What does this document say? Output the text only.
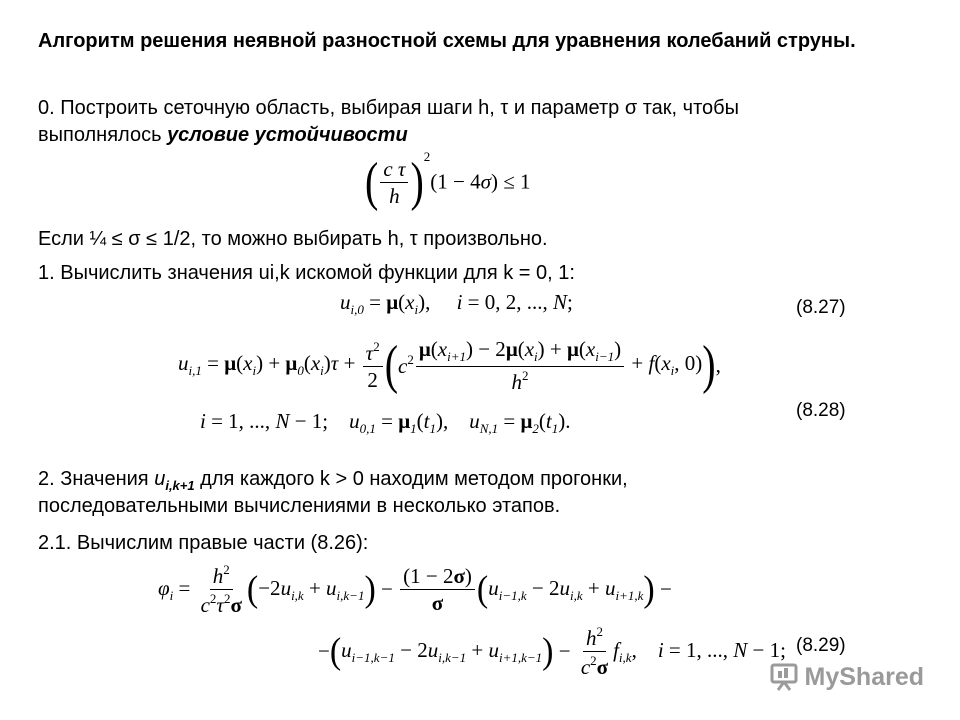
Алгоритм решения неявной разностной схемы для уравнения колебаний струны.
0. Построить сеточную область, выбирая шаги h, τ и параметр σ так, чтобы
выполнялось условие устойчивости
( $\frac{\text{c τ}}{h} )^2(1 - 4\sigma) \le 1$
Если ¼ ≤ σ ≤ 1/2, то можно выбирать h, τ произвольно.
1. Вычислить значения ui,k искомой функции для k = 0, 1:
$u_{i,0} = \mu(x_i)$,     i = 0, 2, ..., N;	(8.27)
$u_{i,1} = \mu(x_i) + \mu_0(x_i)\tau + \frac{\tau^2}{2} (c^2 \frac{\mu(x_{i+1}) - 2\mu(x_i) + \mu(x_{i-1})}{h^2} + f(x_i$, 0)),
i = 1, ..., N − 1;    $u_{0,1} = \mu_1(t_1)$,    $u_{N,1} = \mu_2(t_1)$.	(8.28)
2. Значения $u_{i,k+1}$ для каждого k > 0 находим методом прогонки,
последовательными вычислениями в несколько этапов.
2.1. Вычислим правые части (8.26):
$\varphi_i = \frac{h^2}{c^2\tau^2\sigma} (-2u_{i,k} + u_{i,k-1}) - \frac{(1 - 2\sigma)}{\sigma} (u_{i-1,k} - 2u_{i,k} + u_{i+1,k})$ −
$-(u_{i-1,k-1} - 2u_{i,k-1} + u_{i+1,k-1}) - \frac{h^2}{c^2\sigma} f_{i,k}$,    i = 1, ..., N − 1; (8.29)
MyShared
